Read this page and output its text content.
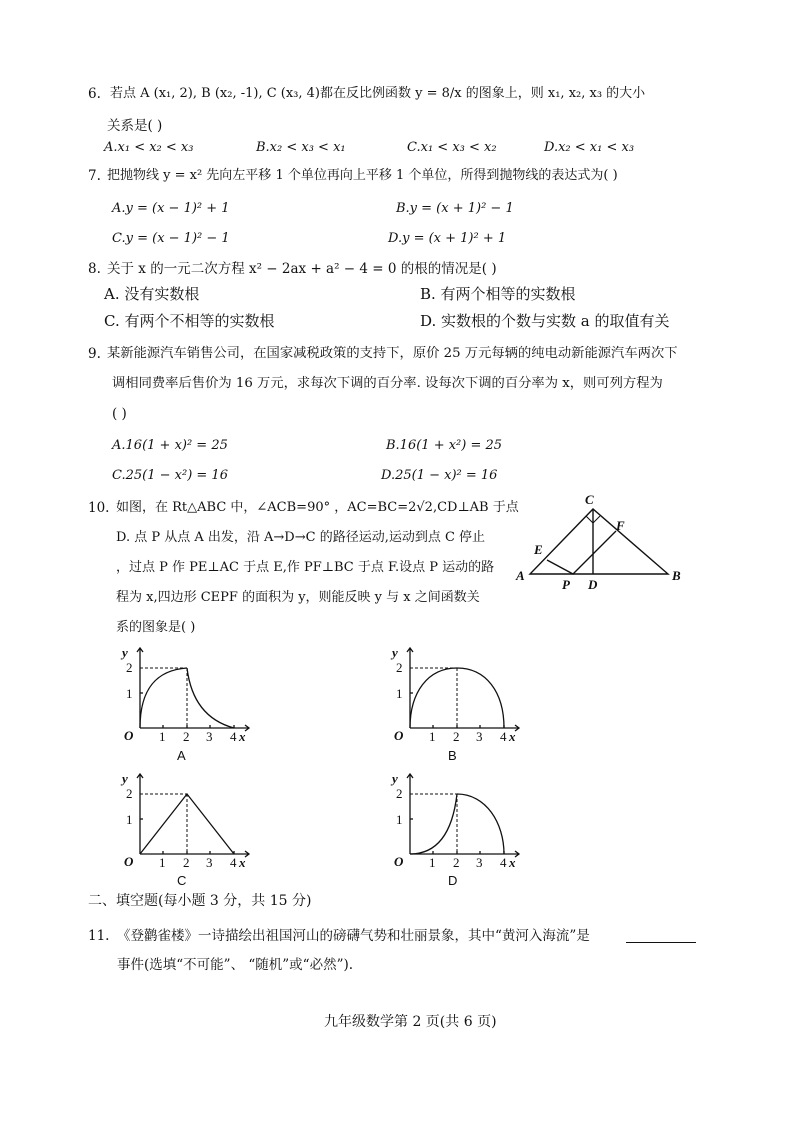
6. 若点 A (x₁, 2), B (x₂, -1), C (x₃, 4)都在反比例函数 y = 8/x 的图象上，则 x₁, x₂, x₃ 的大小
关系是( )
A.x₁ < x₂ < x₃	B.x₂ < x₃ < x₁	C.x₁ < x₃ < x₂	D.x₂ < x₁ < x₃
7. 把抛物线 y = x² 先向左平移 1 个单位再向上平移 1 个单位，所得到抛物线的表达式为( )
A.y = (x − 1)² + 1	B.y = (x + 1)² − 1
C.y = (x − 1)² − 1	D.y = (x + 1)² + 1
8. 关于 x 的一元二次方程 x² − 2ax + a² − 4 = 0 的根的情况是( )
A. 没有实数根	B. 有两个相等的实数根
C. 有两个不相等的实数根	D. 实数根的个数与实数 a 的取值有关
9. 某新能源汽车销售公司，在国家减税政策的支持下，原价 25 万元每辆的纯电动新能源汽车两次下
调相同费率后售价为 16 万元，求每次下调的百分率. 设每次下调的百分率为 x，则可列方程为
( )
A.16(1 + x)² = 25	B.16(1 + x²) = 25
C.25(1 − x²) = 16	D.25(1 − x)² = 16
10. 如图，在 Rt△ABC 中，∠ACB=90° ，AC=BC=2√2,CD⊥AB 于点
D. 点 P 从点 A 出发，沿 A→D→C 的路径运动,运动到点 C 停止
，过点 P 作 PE⊥AC 于点 E,作 PF⊥BC 于点 F.设点 P 运动的路
程为 x,四边形 CEPF 的面积为 y，则能反映 y 与 x 之间函数关
系的图象是( )
A	B
C
D
E
F
P
y
2
1
O 1 2 3 4 x
A
y
2
1
O 1 2 3 4 x
B
y
2
1
O 1 2 3 4 x
C
y
2
1
O 1 2 3 4 x
D
二、填空题(每小题 3 分，共 15 分)
11. 《登鹳雀楼》一诗描绘出祖国河山的磅礴气势和壮丽景象，其中“黄河入海流”是
事件(选填“不可能”、 “随机”或“必然”).
九年级数学第 2 页(共 6 页)
